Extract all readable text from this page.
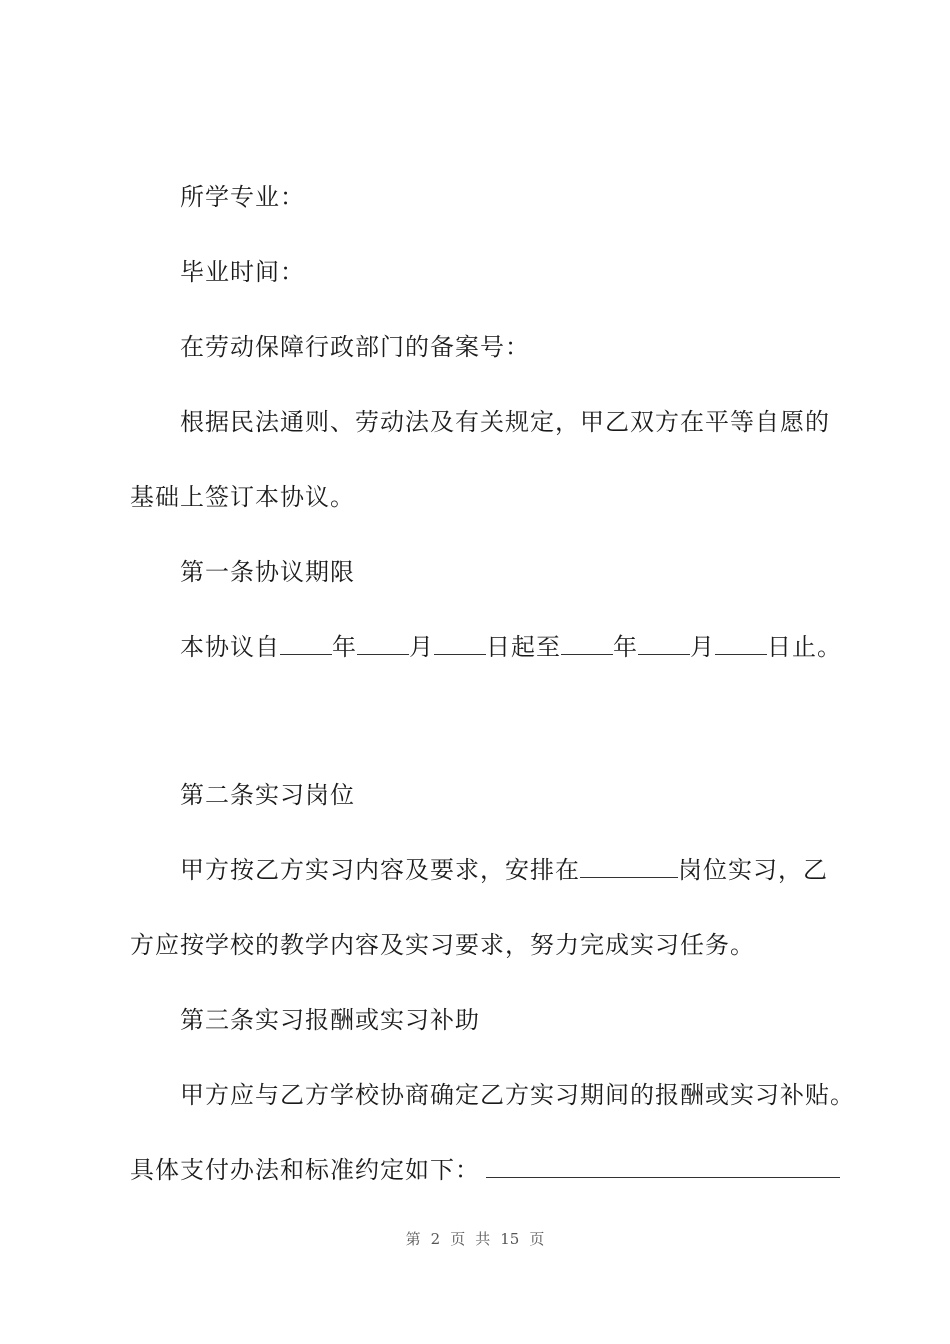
所学专业：
毕业时间：
在劳动保障行政部门的备案号：
根据民法通则、劳动法及有关规定，甲乙双方在平等自愿的
基础上签订本协议。
第一条协议期限
本协议自 年 月 日起至 年 月 日止。
第二条实习岗位
甲方按乙方实习内容及要求，安排在	岗位实习，乙
方应按学校的教学内容及实习要求，努力完成实习任务。
第三条实习报酬或实习补助
甲方应与乙方学校协商确定乙方实习期间的报酬或实习补贴。
具体支付办法和标准约定如下：
第 2 页 共 15 页
